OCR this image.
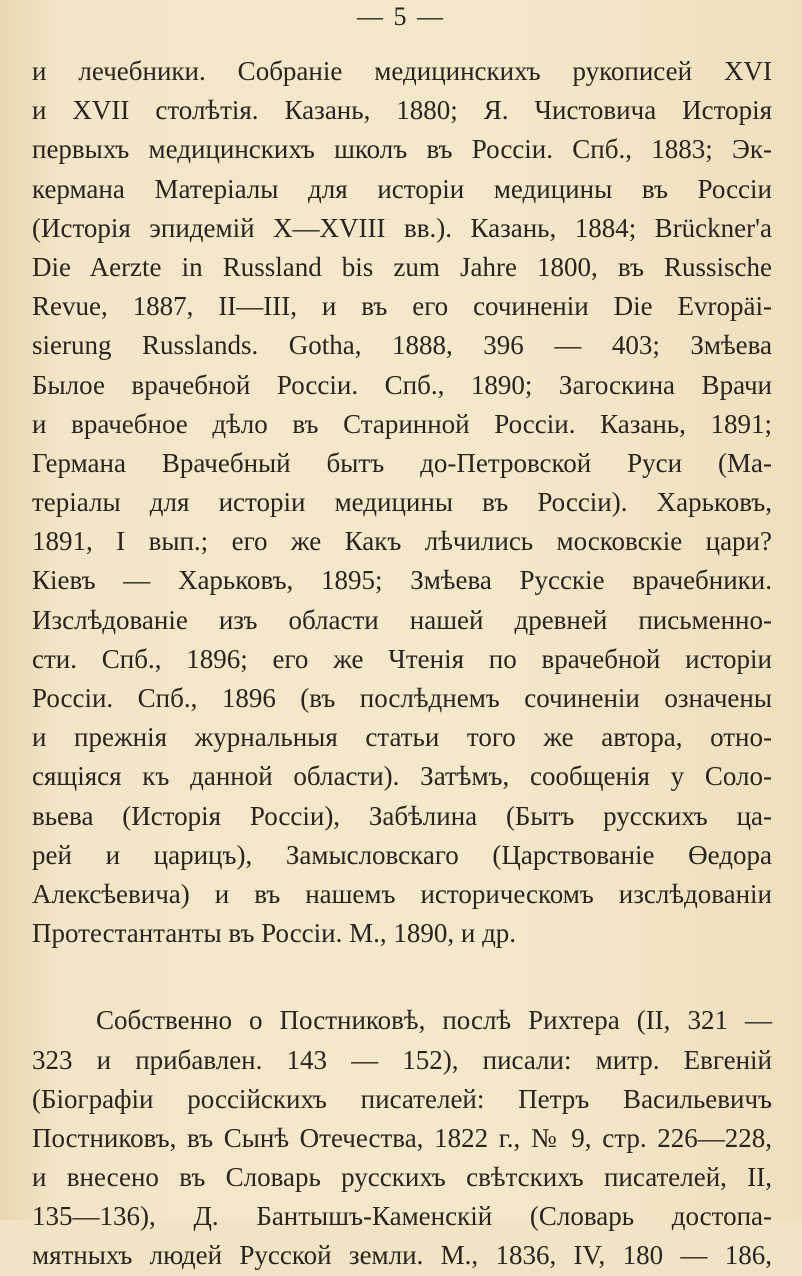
— 5 —
и лечебники. Собраніе медицинскихъ рукописей XVI
и XVII столѣтія. Казань, 1880; Я. Чистовича Исторія
первыхъ медицинскихъ школъ въ Россіи. Спб., 1883; Эк-
кермана Матеріалы для исторіи медицины въ Россіи
(Исторія эпидемій X—XVIII вв.). Казань, 1884; Brückner'a
Die Aerzte in Russland bis zum Jahre 1800, въ Russische
Revue, 1887, II—III, и въ его сочиненіи Die Evropäi-
sierung Russlands. Gotha, 1888, 396 — 403; Змѣева
Былое врачебной Россіи. Спб., 1890; Загоскина Врачи
и врачебное дѣло въ Старинной Россіи. Казань, 1891;
Германа Врачебный бытъ до-Петровской Руси (Ма-
теріалы для исторіи медицины въ Россіи). Харьковъ,
1891, I вып.; его же Какъ лѣчились московскіе цари?
Кіевъ — Харьковъ, 1895; Змѣева Русскіе врачебники.
Изслѣдованіе изъ области нашей древней письменно-
сти. Спб., 1896; его же Чтенія по врачебной исторіи
Россіи. Спб., 1896 (въ послѣднемъ сочиненіи означены
и прежнія журнальныя статьи того же автора, отно-
сящіяся къ данной области). Затѣмъ, сообщенія у Соло-
вьева (Исторія Россіи), Забѣлина (Бытъ русскихъ ца-
рей и царицъ), Замысловскаго (Царствованіе Өедора
Алексѣевича) и въ нашемъ историческомъ изслѣдованіи
Протестантанты въ Россіи. М., 1890, и др.
Собственно о Постниковѣ, послѣ Рихтера (II, 321 —
323 и прибавлен. 143 — 152), писали: митр. Евгеній
(Біографіи россійскихъ писателей: Петръ Васильевичъ
Постниковъ, въ Сынѣ Отечества, 1822 г., № 9, стр. 226—228,
и внесено въ Словарь русскихъ свѣтскихъ писателей, II,
135—136), Д. Бантышъ-Каменскій (Словарь достопа-
мятныхъ людей Русской земли. М., 1836, IV, 180 — 186,
